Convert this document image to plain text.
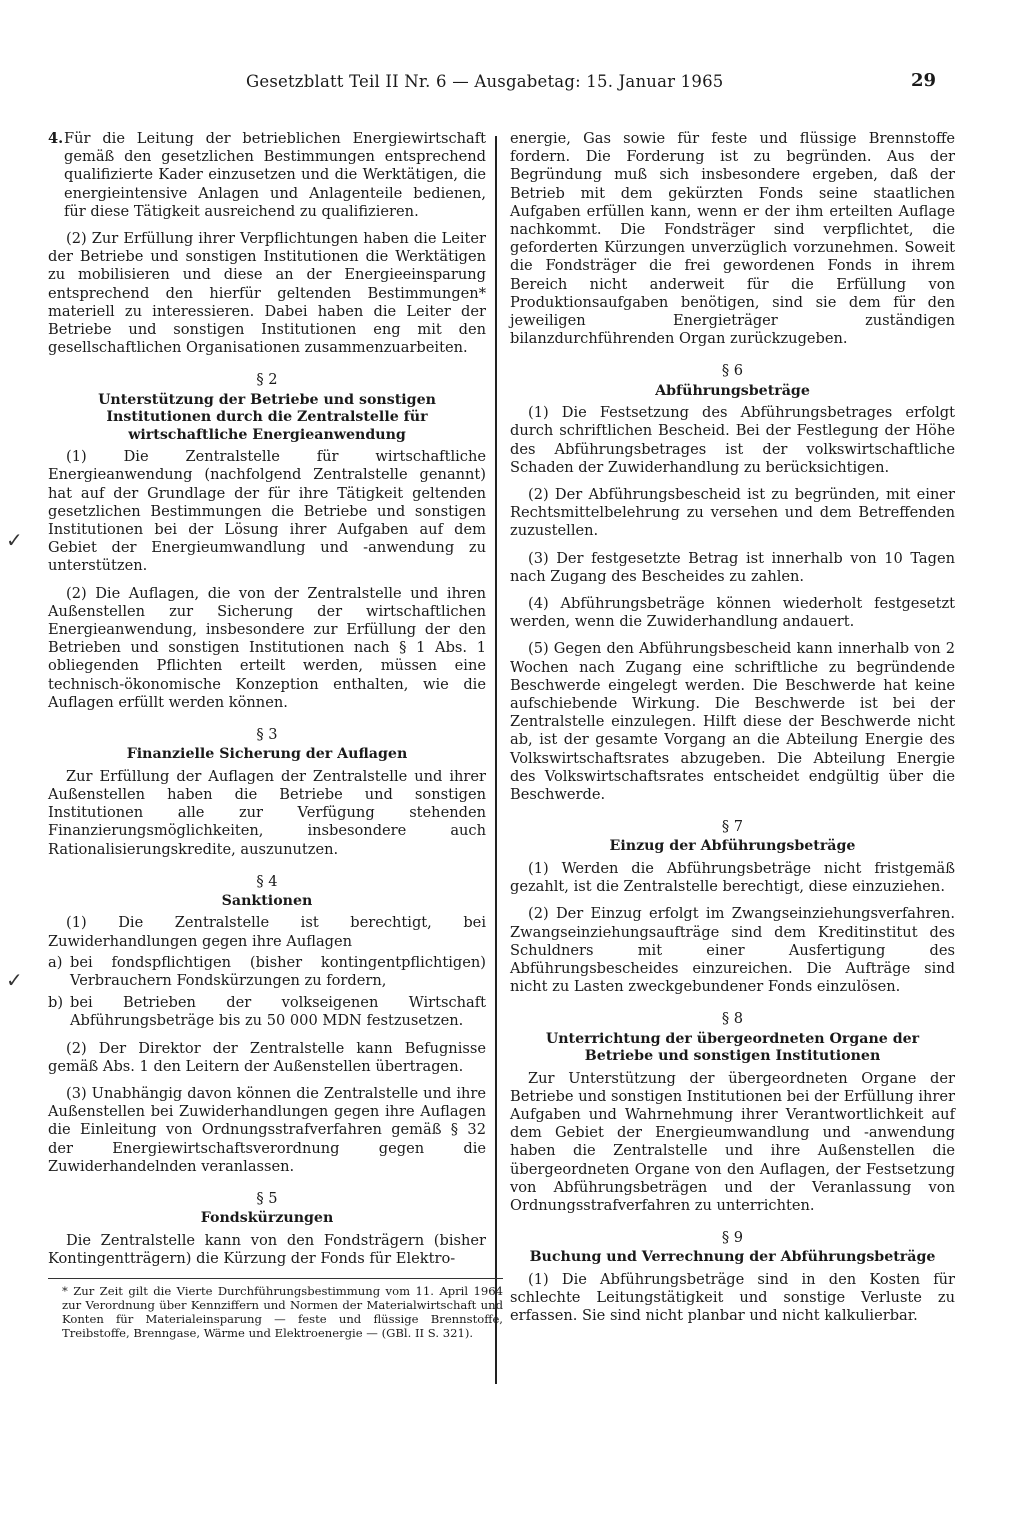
Gesetzblatt Teil II Nr. 6 — Ausgabetag: 15. Januar 1965	29
✓
✓
4. Für die Leitung der betrieblichen Energiewirtschaft gemäß den gesetzlichen Bestimmungen entsprechend qualifizierte Kader einzusetzen und die Werktätigen, die energieintensive Anlagen und Anlagenteile bedienen, für diese Tätigkeit ausreichend zu qualifizieren.

(2) Zur Erfüllung ihrer Verpflichtungen haben die Leiter der Betriebe und sonstigen Institutionen die Werktätigen zu mobilisieren und diese an der Energieeinsparung entsprechend den hierfür geltenden Bestimmungen* materiell zu interessieren. Dabei haben die Leiter der Betriebe und sonstigen Institutionen eng mit den gesellschaftlichen Organisationen zusammenzuarbeiten.

§ 2
Unterstützung der Betriebe und sonstigen Institutionen durch die Zentralstelle für wirtschaftliche Energieanwendung

(1) Die Zentralstelle für wirtschaftliche Energieanwendung (nachfolgend Zentralstelle genannt) hat auf der Grundlage der für ihre Tätigkeit geltenden gesetzlichen Bestimmungen die Betriebe und sonstigen Institutionen bei der Lösung ihrer Aufgaben auf dem Gebiet der Energieumwandlung und -anwendung zu unterstützen.

(2) Die Auflagen, die von der Zentralstelle und ihren Außenstellen zur Sicherung der wirtschaftlichen Energieanwendung, insbesondere zur Erfüllung der den Betrieben und sonstigen Institutionen nach § 1 Abs. 1 obliegenden Pflichten erteilt werden, müssen eine technisch-ökonomische Konzeption enthalten, wie die Auflagen erfüllt werden können.

§ 3
Finanzielle Sicherung der Auflagen

Zur Erfüllung der Auflagen der Zentralstelle und ihrer Außenstellen haben die Betriebe und sonstigen Institutionen alle zur Verfügung stehenden Finanzierungsmöglichkeiten, insbesondere auch Rationalisierungskredite, auszunutzen.

§ 4
Sanktionen

(1) Die Zentralstelle ist berechtigt, bei Zuwiderhandlungen gegen ihre Auflagen

a) bei fondspflichtigen (bisher kontingentpflichtigen) Verbrauchern Fondskürzungen zu fordern,
b) bei Betrieben der volkseigenen Wirtschaft Abführungsbeträge bis zu 50 000 MDN festzusetzen.

(2) Der Direktor der Zentralstelle kann Befugnisse gemäß Abs. 1 den Leitern der Außenstellen übertragen.

(3) Unabhängig davon können die Zentralstelle und ihre Außenstellen bei Zuwiderhandlungen gegen ihre Auflagen die Einleitung von Ordnungsstrafverfahren gemäß § 32 der Energiewirtschaftsverordnung gegen die Zuwiderhandelnden veranlassen.

§ 5
Fondskürzungen

Die Zentralstelle kann von den Fondsträgern (bisher Kontingentträgern) die Kürzung der Fonds für Elektro-

* Zur Zeit gilt die Vierte Durchführungsbestimmung vom 11. April 1964 zur Verordnung über Kennziffern und Normen der Materialwirtschaft und Konten für Materialeinsparung — feste und flüssige Brennstoffe, Treibstoffe, Brenngase, Wärme und Elektroenergie — (GBl. II S. 321).

energie, Gas sowie für feste und flüssige Brennstoffe fordern. Die Forderung ist zu begründen. Aus der Begründung muß sich insbesondere ergeben, daß der Betrieb mit dem gekürzten Fonds seine staatlichen Aufgaben erfüllen kann, wenn er der ihm erteilten Auflage nachkommt. Die Fondsträger sind verpflichtet, die geforderten Kürzungen unverzüglich vorzunehmen. Soweit die Fondsträger die frei gewordenen Fonds in ihrem Bereich nicht anderweit für die Erfüllung von Produktionsaufgaben benötigen, sind sie dem für den jeweiligen Energieträger zuständigen bilanzdurchführenden Organ zurückzugeben.

§ 6
Abführungsbeträge

(1) Die Festsetzung des Abführungsbetrages erfolgt durch schriftlichen Bescheid. Bei der Festlegung der Höhe des Abführungsbetrages ist der volkswirtschaftliche Schaden der Zuwiderhandlung zu berücksichtigen.

(2) Der Abführungsbescheid ist zu begründen, mit einer Rechtsmittelbelehrung zu versehen und dem Betreffenden zuzustellen.

(3) Der festgesetzte Betrag ist innerhalb von 10 Tagen nach Zugang des Bescheides zu zahlen.

(4) Abführungsbeträge können wiederholt festgesetzt werden, wenn die Zuwiderhandlung andauert.

(5) Gegen den Abführungsbescheid kann innerhalb von 2 Wochen nach Zugang eine schriftliche zu begründende Beschwerde eingelegt werden. Die Beschwerde hat keine aufschiebende Wirkung. Die Beschwerde ist bei der Zentralstelle einzulegen. Hilft diese der Beschwerde nicht ab, ist der gesamte Vorgang an die Abteilung Energie des Volkswirtschaftsrates abzugeben. Die Abteilung Energie des Volkswirtschaftsrates entscheidet endgültig über die Beschwerde.

§ 7
Einzug der Abführungsbeträge

(1) Werden die Abführungsbeträge nicht fristgemäß gezahlt, ist die Zentralstelle berechtigt, diese einzuziehen.

(2) Der Einzug erfolgt im Zwangseinziehungsverfahren. Zwangseinziehungsaufträge sind dem Kreditinstitut des Schuldners mit einer Ausfertigung des Abführungsbescheides einzureichen. Die Aufträge sind nicht zu Lasten zweckgebundener Fonds einzulösen.

§ 8
Unterrichtung der übergeordneten Organe der Betriebe und sonstigen Institutionen

Zur Unterstützung der übergeordneten Organe der Betriebe und sonstigen Institutionen bei der Erfüllung ihrer Aufgaben und Wahrnehmung ihrer Verantwortlichkeit auf dem Gebiet der Energieumwandlung und -anwendung haben die Zentralstelle und ihre Außenstellen die übergeordneten Organe von den Auflagen, der Festsetzung von Abführungsbeträgen und der Veranlassung von Ordnungsstrafverfahren zu unterrichten.

§ 9
Buchung und Verrechnung der Abführungsbeträge

(1) Die Abführungsbeträge sind in den Kosten für schlechte Leitungstätigkeit und sonstige Verluste zu erfassen. Sie sind nicht planbar und nicht kalkulierbar.
